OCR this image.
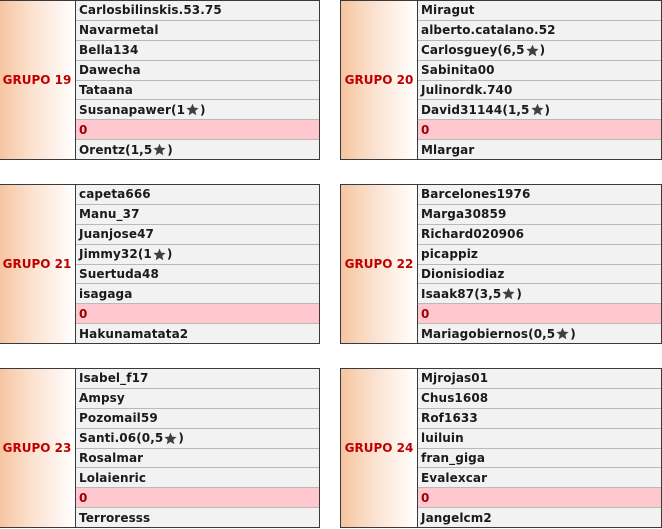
GRUPO 19
Carlosbilinskis.53.75
Navarmetal
Bella134
Dawecha
Tataana
Susanapawer ( 1 )
0
Orentz ( 1,5 )
GRUPO 20
Miragut
alberto.catalano.52
Carlosguey ( 6,5 )
Sabinita00
Julinordk.740
David31144 ( 1,5 )
0
Mlargar
GRUPO 21
capeta666
Manu_37
Juanjose47
Jimmy32 ( 1 )
Suertuda48
isagaga
0
Hakunamatata2
GRUPO 22
Barcelones1976
Marga30859
Richard020906
picappiz
Dionisiodiaz
Isaak87 ( 3,5 )
0
Mariagobiernos ( 0,5 )
GRUPO 23
Isabel_f17
Ampsy
Pozomail59
Santi.06 ( 0,5 )
Rosalmar
Lolaienric
0
Terroresss
GRUPO 24
Mjrojas01
Chus1608
Rof1633
luiluin
fran_giga
Evalexcar
0
Jangelcm2
